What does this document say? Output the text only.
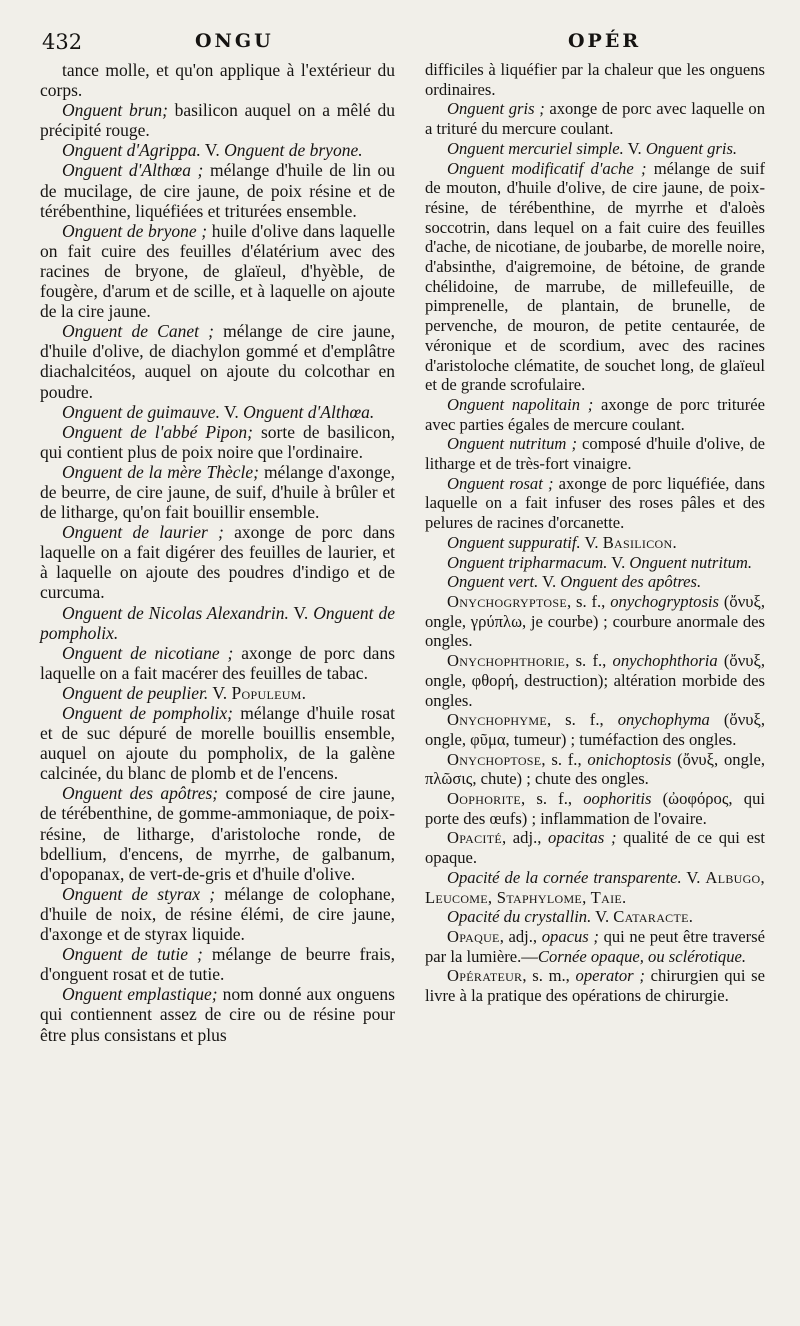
432	ONGU	OPÉR

tance molle, et qu'on applique à l'extérieur du corps.

Onguent brun; basilicon auquel on a mêlé du précipité rouge.

Onguent d'Agrippa. V. Onguent de bryone.

Onguent d'Althœa ; mélange d'huile de lin ou de mucilage, de cire jaune, de poix résine et de térébenthine, liquéfiées et triturées ensemble.

Onguent de bryone ; huile d'olive dans laquelle on fait cuire des feuilles d'élatérium avec des racines de bryone, de glaïeul, d'hyèble, de fougère, d'arum et de scille, et à laquelle on ajoute de la cire jaune.

Onguent de Canet ; mélange de cire jaune, d'huile d'olive, de diachylon gommé et d'emplâtre diachalcitéos, auquel on ajoute du colcothar en poudre.

Onguent de guimauve. V. Onguent d'Althœa.

Onguent de l'abbé Pipon; sorte de basilicon, qui contient plus de poix noire que l'ordinaire.

Onguent de la mère Thècle; mélange d'axonge, de beurre, de cire jaune, de suif, d'huile à brûler et de litharge, qu'on fait bouillir ensemble.

Onguent de laurier ; axonge de porc dans laquelle on a fait digérer des feuilles de laurier, et à laquelle on ajoute des poudres d'indigo et de curcuma.

Onguent de Nicolas Alexandrin. V. Onguent de pompholix.

Onguent de nicotiane ; axonge de porc dans laquelle on a fait macérer des feuilles de tabac.

Onguent de peuplier. V. Populeum.

Onguent de pompholix; mélange d'huile rosat et de suc dépuré de morelle bouillis ensemble, auquel on ajoute du pompholix, de la galène calcinée, du blanc de plomb et de l'encens.

Onguent des apôtres; composé de cire jaune, de térébenthine, de gomme-ammoniaque, de poix-résine, de litharge, d'aristoloche ronde, de bdellium, d'encens, de myrrhe, de galbanum, d'opopanax, de vert-de-gris et d'huile d'olive.

Onguent de styrax ; mélange de colophane, d'huile de noix, de résine élémi, de cire jaune, d'axonge et de styrax liquide.

Onguent de tutie ; mélange de beurre frais, d'onguent rosat et de tutie.

Onguent emplastique; nom donné aux onguens qui contiennent assez de cire ou de résine pour être plus consistans et plus

difficiles à liquéfier par la chaleur que les onguens ordinaires.

Onguent gris ; axonge de porc avec laquelle on a trituré du mercure coulant.

Onguent mercuriel simple. V. Onguent gris.

Onguent modificatif d'ache ; mélange de suif de mouton, d'huile d'olive, de cire jaune, de poix-résine, de térébenthine, de myrrhe et d'aloès soccotrin, dans lequel on a fait cuire des feuilles d'ache, de nicotiane, de joubarbe, de morelle noire, d'absinthe, d'aigremoine, de bétoine, de grande chélidoine, de marrube, de millefeuille, de pimprenelle, de plantain, de brunelle, de pervenche, de mouron, de petite centaurée, de véronique et de scordium, avec des racines d'aristoloche clématite, de souchet long, de glaïeul et de grande scrofulaire.

Onguent napolitain ; axonge de porc triturée avec parties égales de mercure coulant.

Onguent nutritum ; composé d'huile d'olive, de litharge et de très-fort vinaigre.

Onguent rosat ; axonge de porc liquéfiée, dans laquelle on a fait infuser des roses pâles et des pelures de racines d'orcanette.

Onguent suppuratif. V. Basilicon.

Onguent tripharmacum. V. Onguent nutritum.

Onguent vert. V. Onguent des apôtres.

Onychogryptose, s. f., onychogryptosis (ὄνυξ, ongle, γρύπλω, je courbe) ; courbure anormale des ongles.

Onychophthorie, s. f., onychophthoria (ὄνυξ, ongle, φθορή, destruction); altération morbide des ongles.

Onychophyme, s. f., onychophyma (ὄνυξ, ongle, φῦμα, tumeur) ; tuméfaction des ongles.

Onychoptose, s. f., onichoptosis (ὄνυξ, ongle, πλῶσις, chute) ; chute des ongles.

Oophorite, s. f., oophoritis (ὠοφόρος, qui porte des œufs) ; inflammation de l'ovaire.

Opacité, adj., opacitas ; qualité de ce qui est opaque.

Opacité de la cornée transparente. V. Albugo, Leucome, Staphylome, Taie.

Opacité du crystallin. V. Cataracte.

Opaque, adj., opacus ; qui ne peut être traversé par la lumière.—Cornée opaque, ou sclérotique.

Opérateur, s. m., operator ; chirurgien qui se livre à la pratique des opérations de chirurgie.
